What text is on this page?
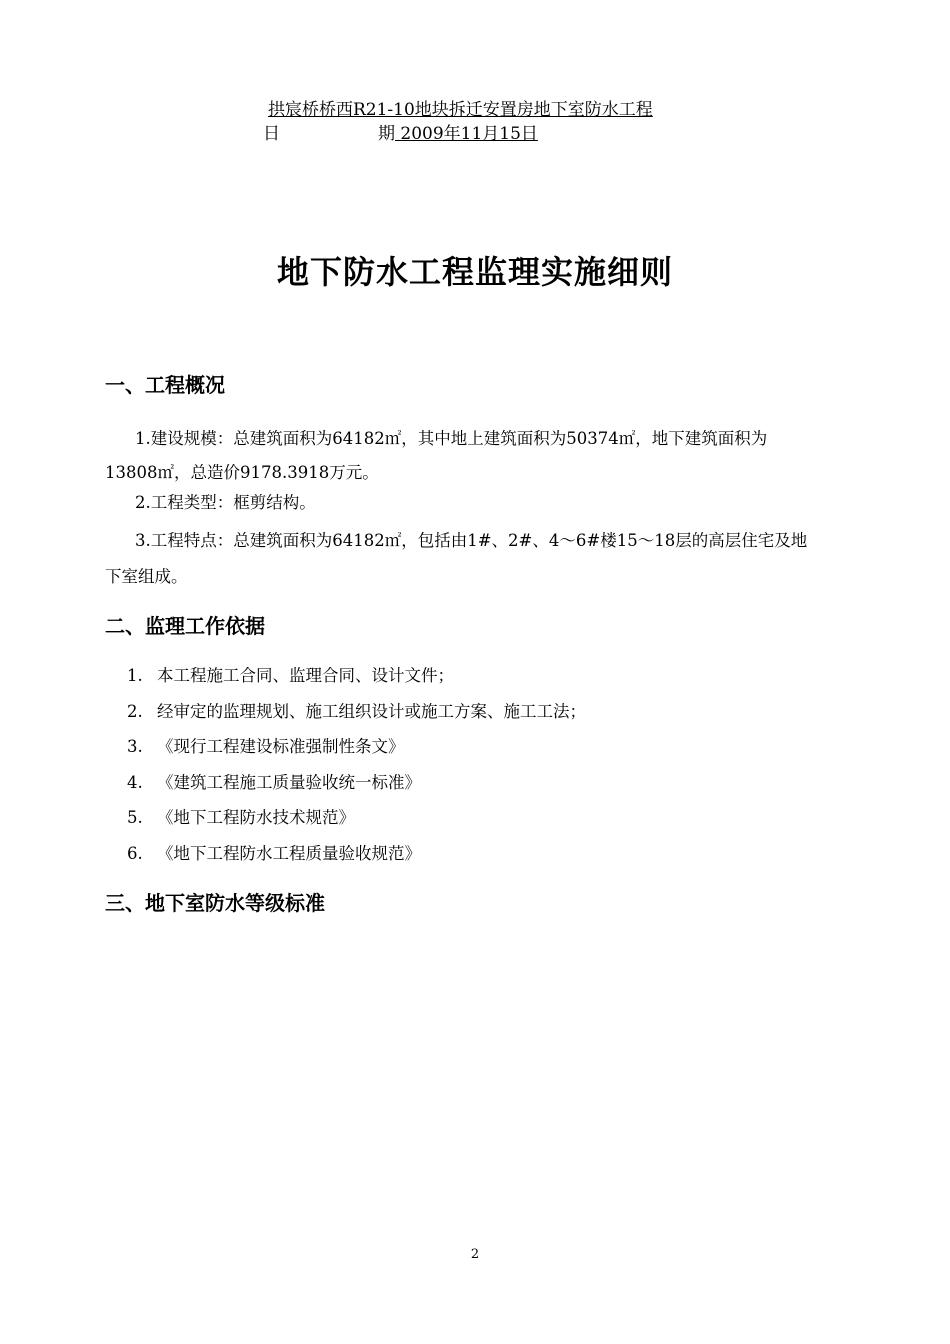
拱宸桥桥西R21-10地块拆迁安置房地下室防水工程
日	期 2009年11月15日
地下防水工程监理实施细则
一、工程概况
1.建设规模：总建筑面积为64182㎡，其中地上建筑面积为50374㎡，地下建筑面积为
13808㎡，总造价9178.3918万元。
2.工程类型：框剪结构。
3.工程特点：总建筑面积为64182㎡，包括由1#、2#、4～6#楼15～18层的高层住宅及地
下室组成。
二、监理工作依据
1. 本工程施工合同、监理合同、设计文件；
2. 经审定的监理规划、施工组织设计或施工方案、施工工法；
3. 《现行工程建设标准强制性条文》
4. 《建筑工程施工质量验收统一标准》
5. 《地下工程防水技术规范》
6. 《地下工程防水工程质量验收规范》
三、地下室防水等级标准
2
